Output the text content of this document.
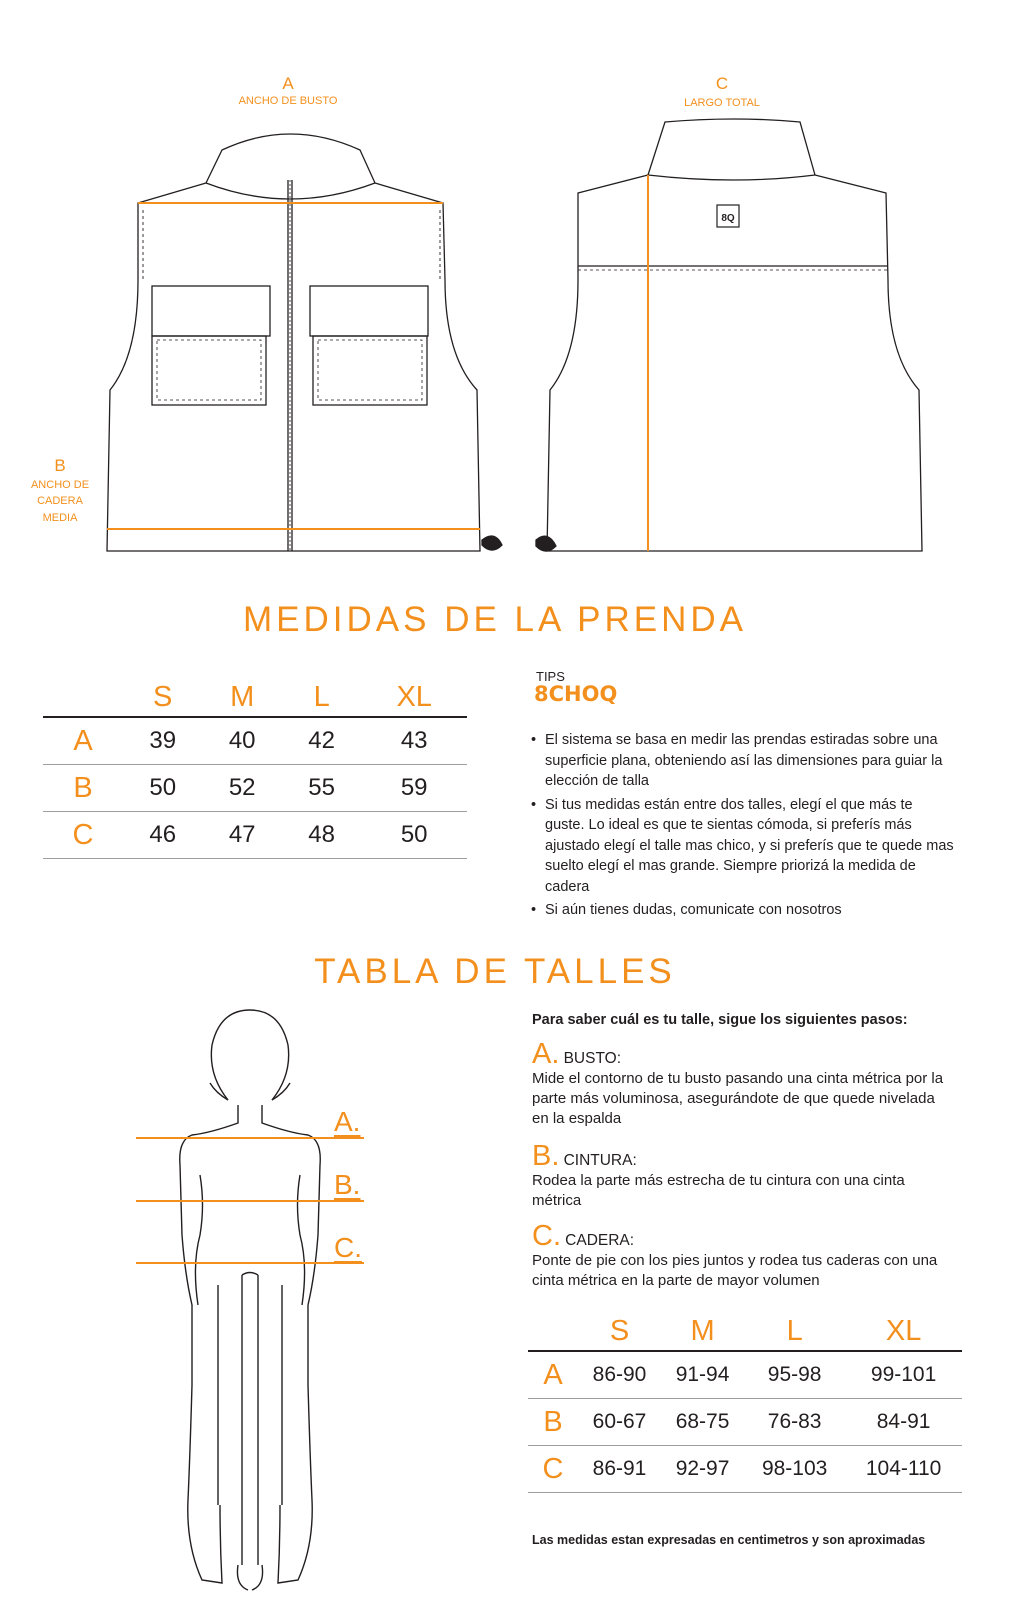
A
ANCHO DE BUSTO
C
LARGO TOTAL
B
ANCHO DE
CADERA
MEDIA
8Q
MEDIDAS DE LA PRENDA
	S	M	L	XL
A	39	40	42	43
B	50	52	55	59
C	46	47	48	50
TIPS
8CHOQ
• El sistema se basa en medir las prendas estiradas sobre una superficie plana, obteniendo así las dimensiones para guiar la elección de talla
• Si tus medidas están entre dos talles, elegí el que más te guste. Lo ideal es que te sientas cómoda, si preferís más ajustado elegí el talle mas chico, y si preferís que te quede mas suelto elegí el mas grande. Siempre priorizá la medida de cadera
• Si aún tienes dudas, comunicate con nosotros
TABLA DE TALLES
A.
B.
C.
Para saber cuál es tu talle, sigue los siguientes pasos:
A. BUSTO:
Mide el contorno de tu busto pasando una cinta métrica por la parte más voluminosa, asegurándote de que quede nivelada en la espalda
B. CINTURA:
Rodea la parte más estrecha de tu cintura con una cinta métrica
C. CADERA:
Ponte de pie con los pies juntos y rodea tus caderas con una cinta métrica en la parte de mayor volumen
	S	M	L	XL
A	86-90	91-94	95-98	99-101
B	60-67	68-75	76-83	84-91
C	86-91	92-97	98-103	104-110
Las medidas estan expresadas en centimetros y son aproximadas
